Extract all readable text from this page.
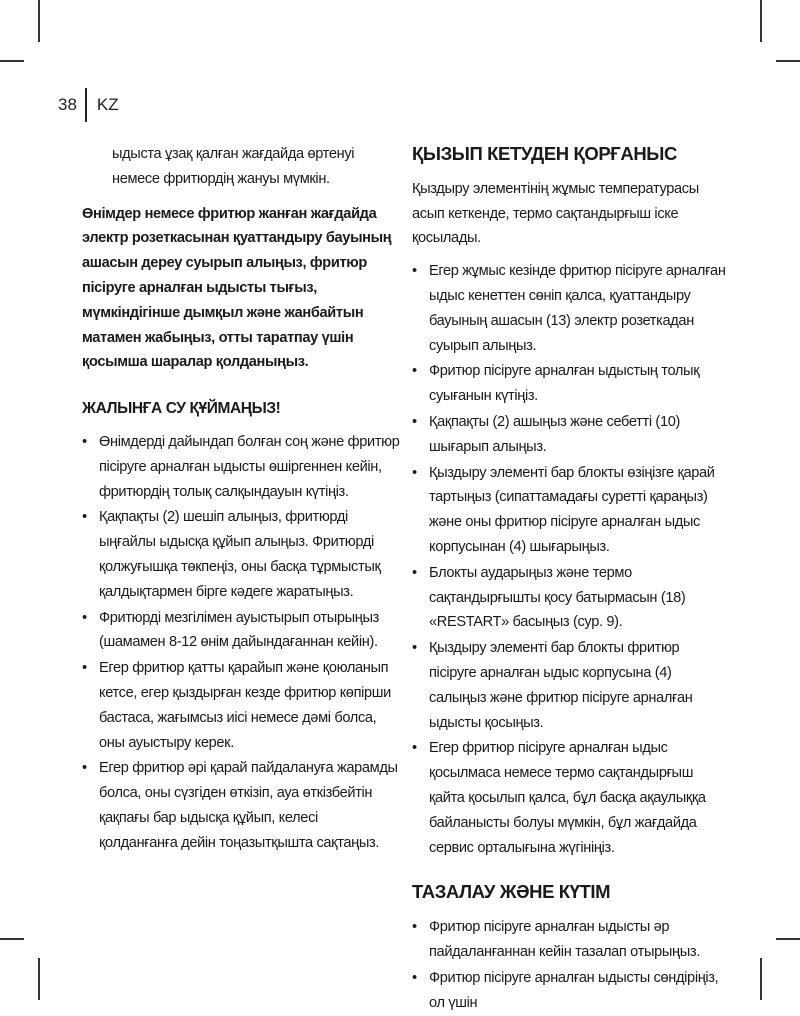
38	KZ

ыдыста ұзақ қалған жағдайда өртенуі немесе фритюрдің жануы мүмкін.

Өнімдер немесе фритюр жанған жағдайда электр розеткасынан қуаттандыру бауының ашасын дереу суырып алыңыз, фритюр пісіруге арналған ыдысты тығыз, мүмкіндігінше дымқыл және жанбайтын матамен жабыңыз, отты таратпау үшін қосымша шаралар қолданыңыз.

ЖАЛЫНҒА СУ ҚҰЙМАҢЫЗ!
• Өнімдерді дайындап болған соң және фритюр пісіруге арналған ыдысты өшіргеннен кейін, фритюрдің толық салқындауын күтіңіз.
• Қақпақты (2) шешіп алыңыз, фритюрді ыңғайлы ыдысқа құйып алыңыз. Фритюрді қолжуғышқа төкпеңіз, оны басқа тұрмыстық қалдықтармен бірге кәдеге жаратыңыз.
• Фритюрді мезгілімен ауыстырып отырыңыз (шамамен 8-12 өнім дайындағаннан кейін).
• Егер фритюр қатты қарайып және қоюланып кетсе, егер қыздырған кезде фритюр көпірши бастаса, жағымсыз иісі немесе дәмі болса, оны ауыстыру керек.
• Егер фритюр әрі қарай пайдалануға жарамды болса, оны сүзгіден өткізіп, ауа өткізбейтін қақпағы бар ыдысқа құйып, келесі қолданғанға дейін тоңазытқышта сақтаңыз.
ҚЫЗЫП КЕТУДЕН ҚОРҒАНЫС

Қыздыру элементінің жұмыс температурасы асып кеткенде, термо сақтандырғыш іске қосылады.

• Егер жұмыс кезінде фритюр пісіруге арналған ыдыс кенеттен сөніп қалса, қуаттандыру бауының ашасын (13) электр розеткадан суырып алыңыз.
• Фритюр пісіруге арналған ыдыстың толық суығанын күтіңіз.
• Қақпақты (2) ашыңыз және себетті (10) шығарып алыңыз.
• Қыздыру элементі бар блокты өзіңізге қарай тартыңыз (сипаттамадағы суретті қараңыз) және оны фритюр пісіруге арналған ыдыс корпусынан (4) шығарыңыз.
• Блокты аударыңыз және термо сақтандырғышты қосу батырмасын (18) «RESTART» басыңыз (сур. 9).
• Қыздыру элементі бар блокты фритюр пісіруге арналған ыдыс корпусына (4) салыңыз және фритюр пісіруге арналған ыдысты қосыңыз.
• Егер фритюр пісіруге арналған ыдыс қосылмаса немесе термо сақтандырғыш қайта қосылып қалса, бұл басқа ақаулыққа байланысты болуы мүмкін, бұл жағдайда сервис орталығына жүгініңіз.
ТАЗАЛАУ ЖӘНЕ КҮТІМ
• Фритюр пісіруге арналған ыдысты әр пайдаланғаннан кейін тазалап отырыңыз.
• Фритюр пісіруге арналған ыдысты сөндіріңіз, ол үшін
